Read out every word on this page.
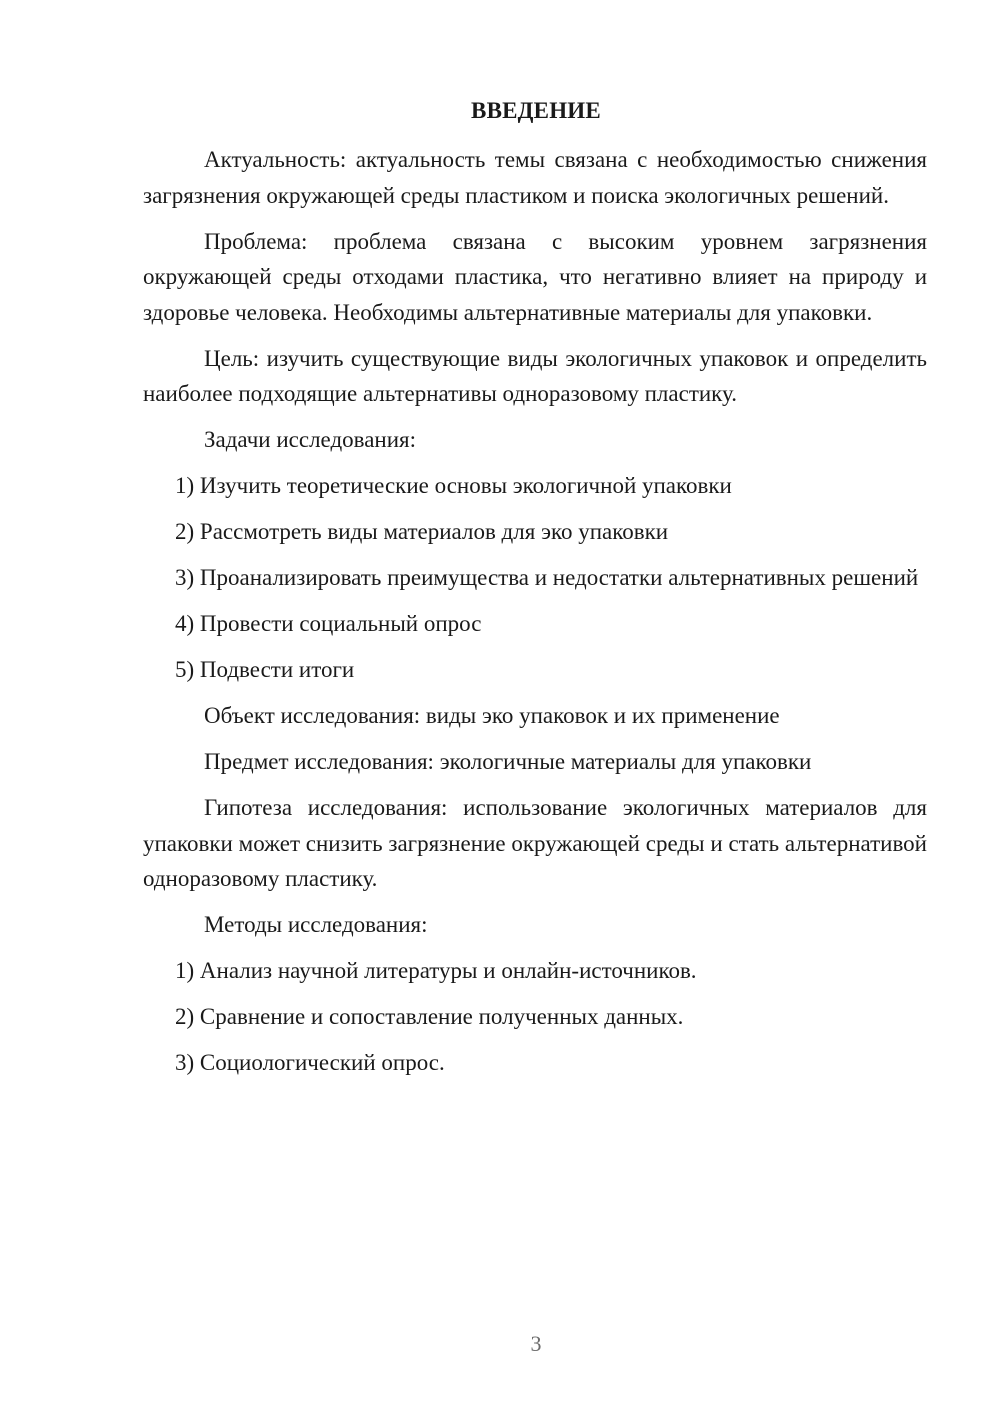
ВВЕДЕНИЕ

Актуальность: актуальность темы связана с необходимостью снижения загрязнения окружающей среды пластиком и поиска экологичных решений.

Проблема: проблема связана с высоким уровнем загрязнения окружающей среды отходами пластика, что негативно влияет на природу и здоровье человека. Необходимы альтернативные материалы для упаковки.

Цель: изучить существующие виды экологичных упаковок и определить наиболее подходящие альтернативы одноразовому пластику.

Задачи исследования:

1) Изучить теоретические основы экологичной упаковки

2) Рассмотреть виды материалов для эко упаковки

3) Проанализировать преимущества и недостатки альтернативных решений

4) Провести социальный опрос

5) Подвести итоги

Объект исследования: виды эко упаковок и их применение

Предмет исследования: экологичные материалы для упаковки

Гипотеза исследования: использование экологичных материалов для упаковки может снизить загрязнение окружающей среды и стать альтернативой одноразовому пластику.

Методы исследования:

1) Анализ научной литературы и онлайн-источников.

2) Сравнение и сопоставление полученных данных.

3) Социологический опрос.

3
